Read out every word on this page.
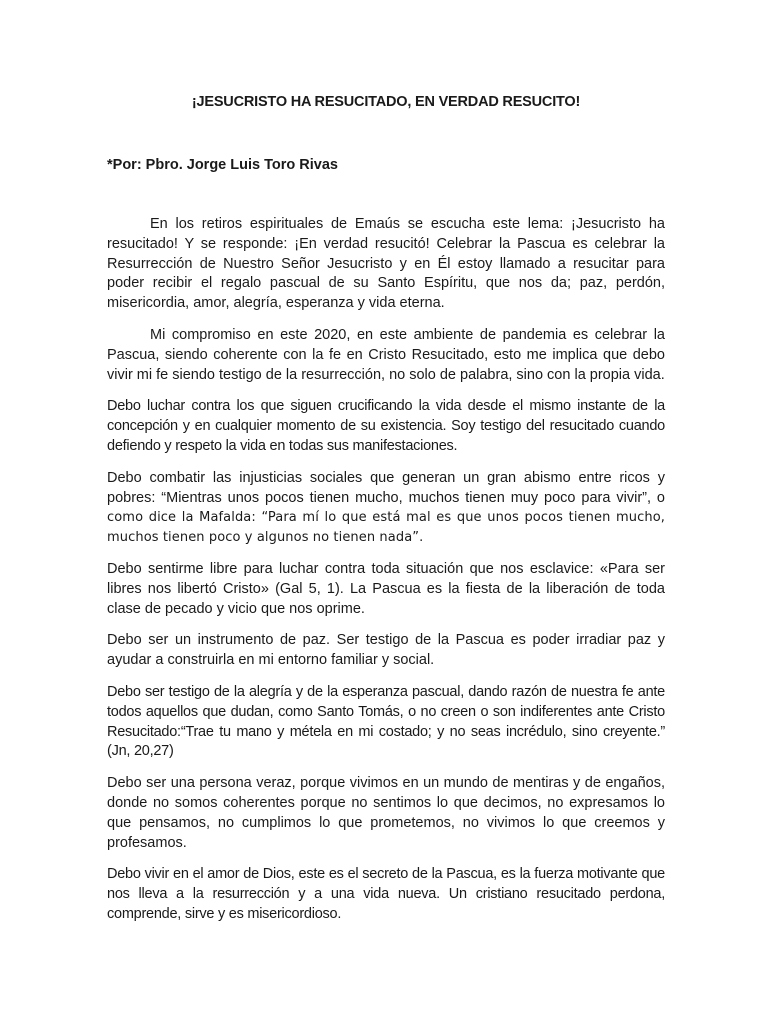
¡JESUCRISTO HA RESUCITADO, EN VERDAD RESUCITO!

*Por: Pbro. Jorge Luis Toro Rivas

En los retiros espirituales de Emaús se escucha este lema: ¡Jesucristo ha resucitado! Y se responde: ¡En verdad resucitó! Celebrar la Pascua es celebrar la Resurrección de Nuestro Señor Jesucristo y en Él estoy llamado a resucitar para poder recibir el regalo pascual de su Santo Espíritu, que nos da; paz, perdón, misericordia, amor, alegría, esperanza y vida eterna.

Mi compromiso en este 2020, en este ambiente de pandemia es celebrar la Pascua, siendo coherente con la fe en Cristo Resucitado, esto me implica que debo vivir mi fe siendo testigo de la resurrección, no solo de palabra, sino con la propia vida.

Debo luchar contra los que siguen crucificando la vida desde el mismo instante de la concepción y en cualquier momento de su existencia. Soy testigo del resucitado cuando defiendo y respeto la vida en todas sus manifestaciones.

Debo combatir las injusticias sociales que generan un gran abismo entre ricos y pobres: “Mientras unos pocos tienen mucho, muchos tienen muy poco para vivir”, o como dice la Mafalda: “Para mí lo que está mal es que unos pocos tienen mucho, muchos tienen poco y algunos no tienen nada”.

Debo sentirme libre para luchar contra toda situación que nos esclavice: «Para ser libres nos libertó Cristo» (Gal 5, 1). La Pascua es la fiesta de la liberación de toda clase de pecado y vicio que nos oprime.

Debo ser un instrumento de paz. Ser testigo de la Pascua es poder irradiar paz y ayudar a construirla en mi entorno familiar y social.

Debo ser testigo de la alegría y de la esperanza pascual, dando razón de nuestra fe ante todos aquellos que dudan, como Santo Tomás, o no creen o son indiferentes ante Cristo Resucitado:“Trae tu mano y métela en mi costado; y no seas incrédulo, sino creyente.” (Jn, 20,27)

Debo ser una persona veraz, porque vivimos en un mundo de mentiras y de engaños, donde no somos coherentes porque no sentimos lo que decimos, no expresamos lo que pensamos, no cumplimos lo que prometemos, no vivimos lo que creemos y profesamos.

Debo vivir en el amor de Dios, este es el secreto de la Pascua, es la fuerza motivante que nos lleva a la resurrección y a una vida nueva. Un cristiano resucitado perdona, comprende, sirve y es misericordioso.
